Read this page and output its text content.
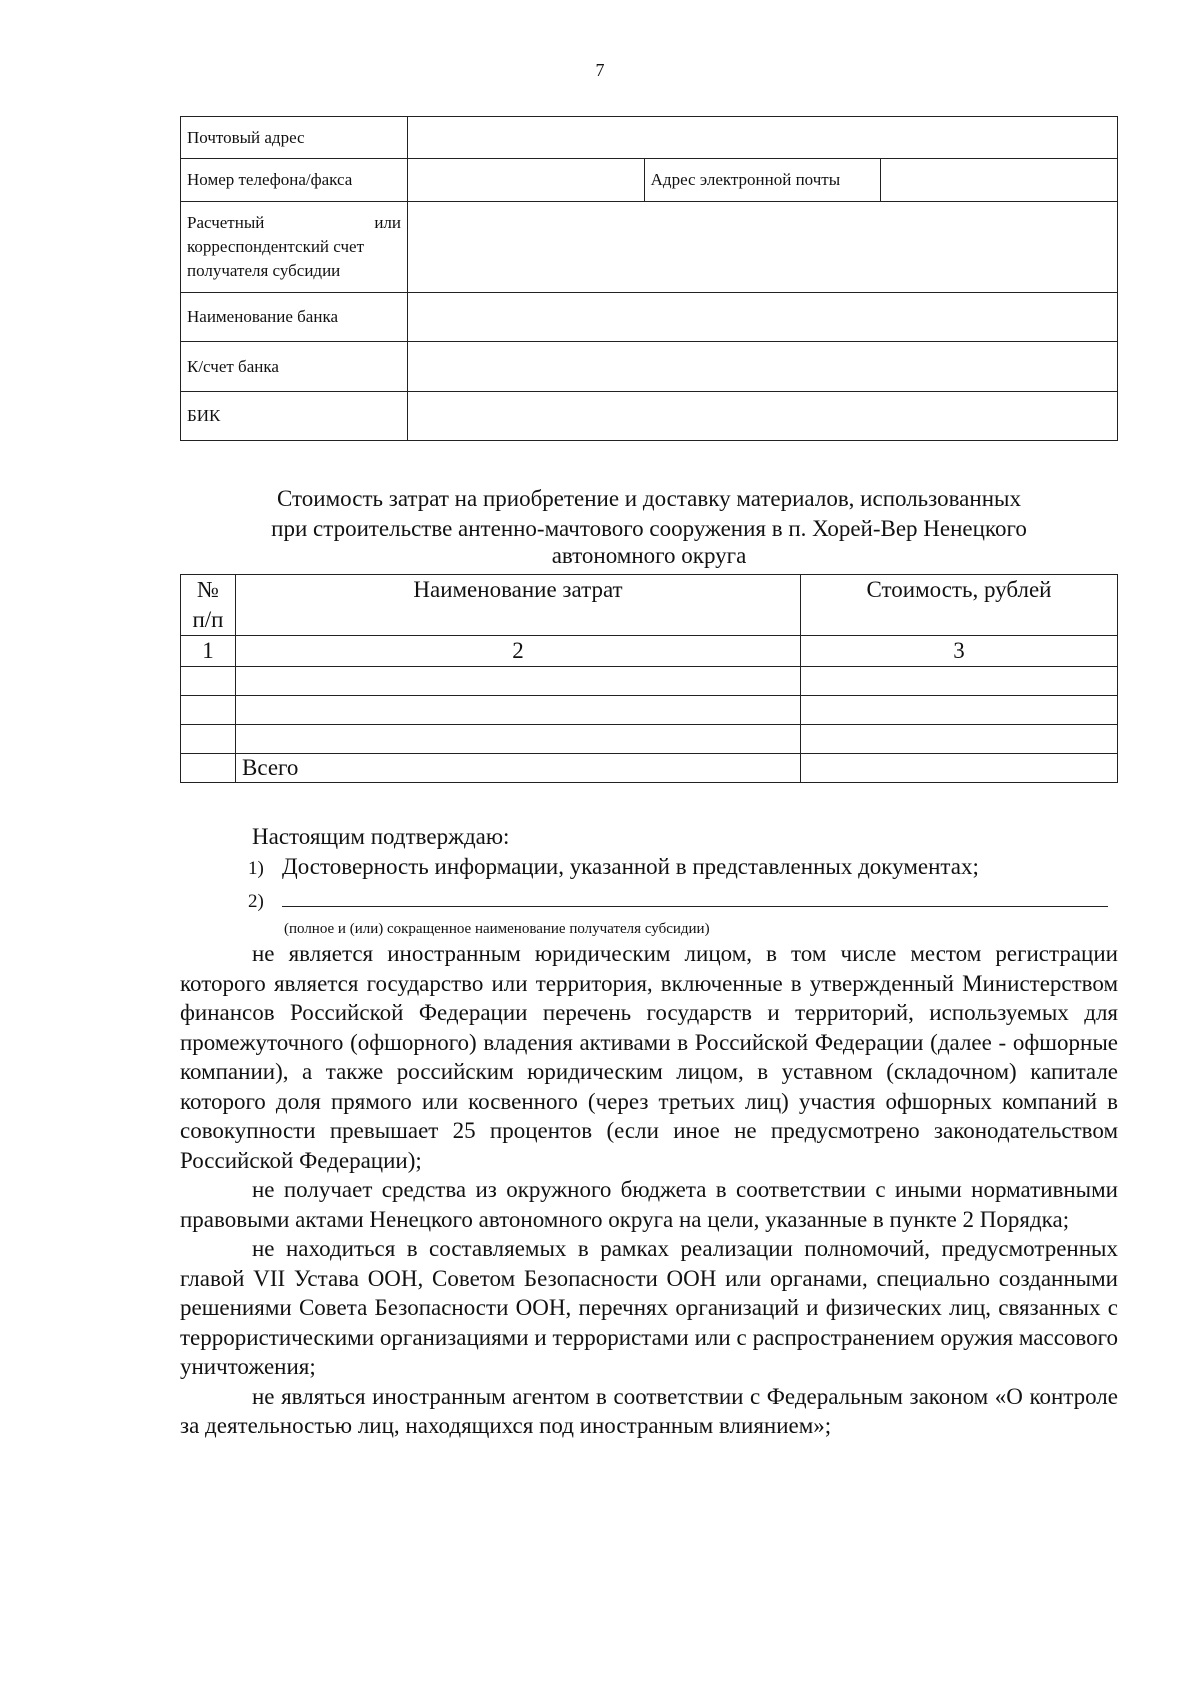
7
Почтовый адрес			
Номер телефона/факса		Адрес электронной почты	

Расчетный или
корреспондентский счет
получателя субсидии			

Наименование банка			
К/счет банка			
БИК			
Стоимость затрат на приобретение и доставку материалов, использованных
при строительстве антенно-мачтового сооружения в п. Хорей-Вер Ненецкого
автономного округа
№
п/п	Наименование затрат	Стоимость, рублей
1	2	3

	Всего	
Настоящим подтверждаю:
1) Достоверность информации, указанной в представленных документах;
2)
(полное и (или) сокращенное наименование получателя субсидии)

не является иностранным юридическим лицом, в том числе местом регистрации которого является государство или территория, включенные в утвержденный Министерством финансов Российской Федерации перечень государств и территорий, используемых для промежуточного (офшорного) владения активами в Российской Федерации (далее - офшорные компании), а также российским юридическим лицом, в уставном (складочном) капитале которого доля прямого или косвенного (через третьих лиц) участия офшорных компаний в совокупности превышает 25 процентов (если иное не предусмотрено законодательством Российской Федерации);

не получает средства из окружного бюджета в соответствии с иными нормативными правовыми актами Ненецкого автономного округа на цели, указанные в пункте 2 Порядка;

не находиться в составляемых в рамках реализации полномочий, предусмотренных главой VII Устава ООН, Советом Безопасности ООН или органами, специально созданными решениями Совета Безопасности ООН, перечнях организаций и физических лиц, связанных с террористическими организациями и террористами или с распространением оружия массового уничтожения;

не являться иностранным агентом в соответствии с Федеральным законом «О контроле за деятельностью лиц, находящихся под иностранным влиянием»;
